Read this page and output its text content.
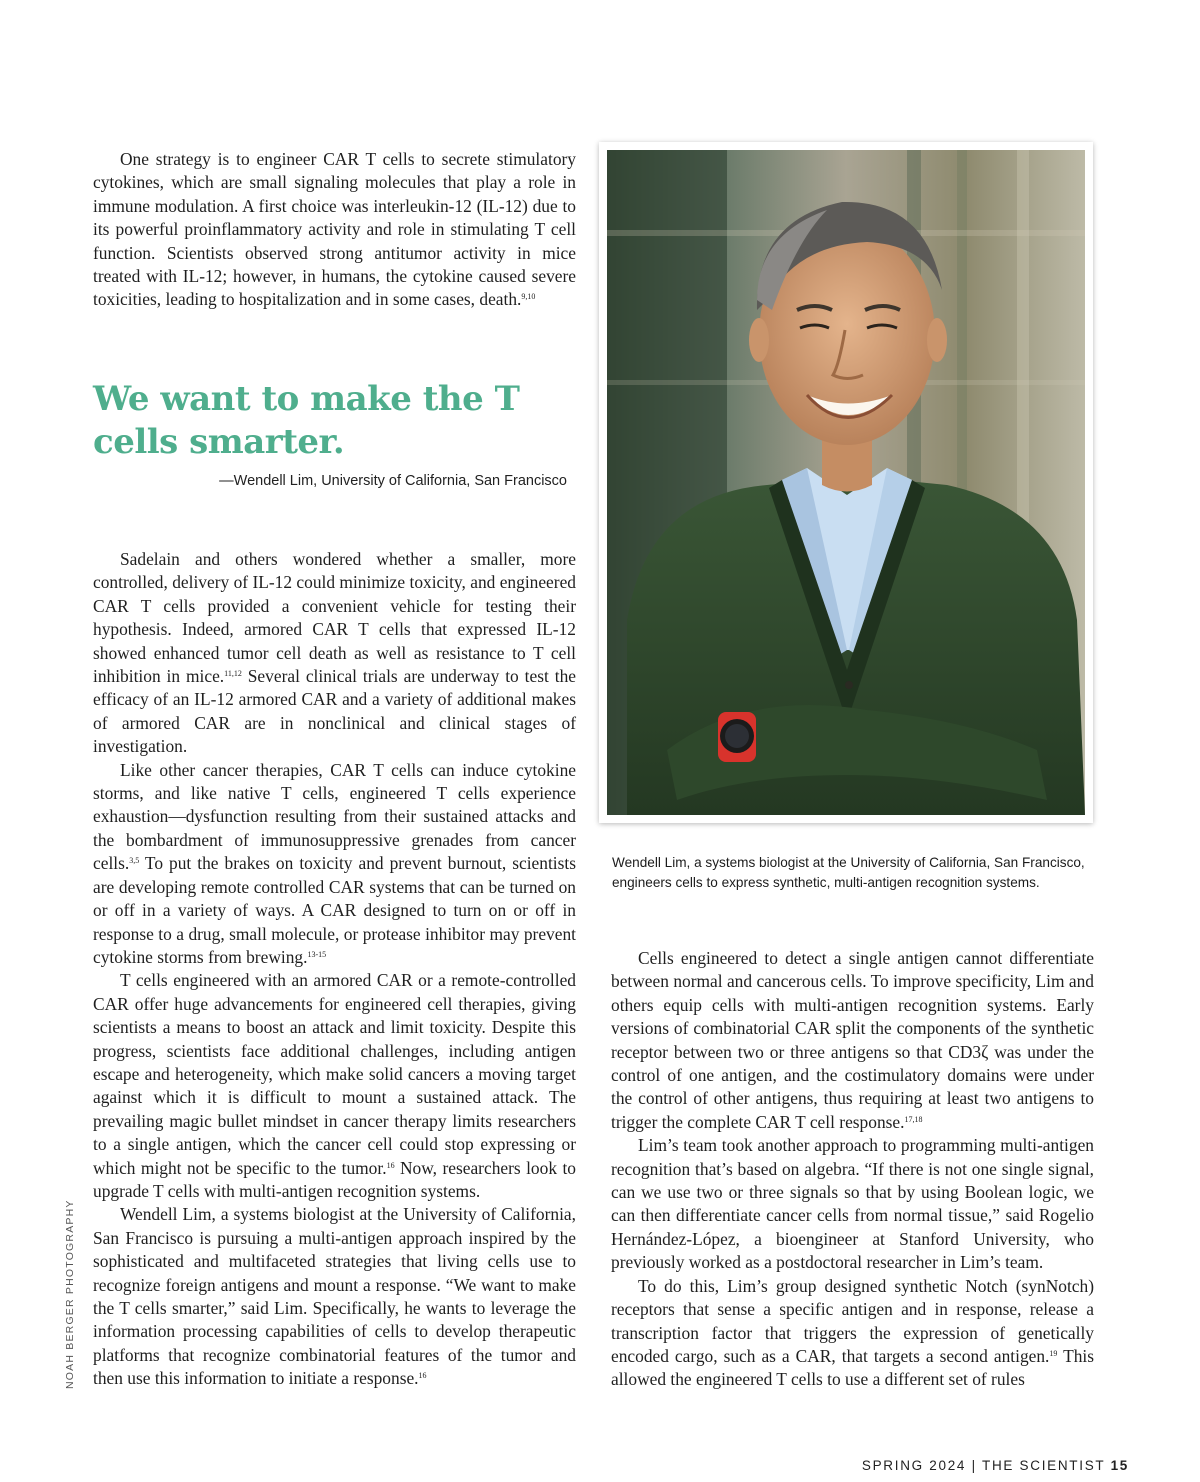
One strategy is to engineer CAR T cells to secrete stimulatory cytokines, which are small signaling molecules that play a role in immune modulation. A first choice was interleukin-12 (IL-12) due to its powerful proinflammatory activity and role in stimulating T cell function. Scientists observed strong antitumor activity in mice treated with IL-12; however, in humans, the cytokine caused severe toxicities, leading to hospitalization and in some cases, death.$^{9,10}$

We want to make the T cells smarter.

—Wendell Lim, University of California, San Francisco

Sadelain and others wondered whether a smaller, more controlled, delivery of IL-12 could minimize toxicity, and engineered CAR T cells provided a convenient vehicle for testing their hypothesis. Indeed, armored CAR T cells that expressed IL-12 showed enhanced tumor cell death as well as resistance to T cell inhibition in mice.$^{11,12}$ Several clinical trials are underway to test the efficacy of an IL-12 armored CAR and a variety of additional makes of armored CAR are in nonclinical and clinical stages of investigation.

Like other cancer therapies, CAR T cells can induce cytokine storms, and like native T cells, engineered T cells experience exhaustion—dysfunction resulting from their sustained attacks and the bombardment of immunosuppressive grenades from cancer cells.$^{3,5}$ To put the brakes on toxicity and prevent burnout, scientists are developing remote controlled CAR systems that can be turned on or off in a variety of ways. A CAR designed to turn on or off in response to a drug, small molecule, or protease inhibitor may prevent cytokine storms from brewing.$^{13-15}$

T cells engineered with an armored CAR or a remote-controlled CAR offer huge advancements for engineered cell therapies, giving scientists a means to boost an attack and limit toxicity. Despite this progress, scientists face additional challenges, including antigen escape and heterogeneity, which make solid cancers a moving target against which it is difficult to mount a sustained attack. The prevailing magic bullet mindset in cancer therapy limits researchers to a single antigen, which the cancer cell could stop expressing or which might not be specific to the tumor.$^{16}$ Now, researchers look to upgrade T cells with multi-antigen recognition systems.

Wendell Lim, a systems biologist at the University of California, San Francisco is pursuing a multi-antigen approach inspired by the sophisticated and multifaceted strategies that living cells use to recognize foreign antigens and mount a response. “We want to make the T cells smarter,” said Lim. Specifically, he wants to leverage the information processing capabilities of cells to develop therapeutic platforms that recognize combinatorial features of the tumor and then use this information to initiate a response.$^{16}$

Wendell Lim, a systems biologist at the University of California, San Francisco, engineers cells to express synthetic, multi-antigen recognition systems.
NOAH BERGER PHOTOGRAPHY

Cells engineered to detect a single antigen cannot differentiate between normal and cancerous cells. To improve specificity, Lim and others equip cells with multi-antigen recognition systems. Early versions of combinatorial CAR split the components of the synthetic receptor between two or three antigens so that CD3ζ was under the control of one antigen, and the costimulatory domains were under the control of other antigens, thus requiring at least two antigens to trigger the complete CAR T cell response.$^{17,18}$

Lim’s team took another approach to programming multi-antigen recognition that’s based on algebra. “If there is not one single signal, can we use two or three signals so that by using Boolean logic, we can then differentiate cancer cells from normal tissue,” said Rogelio Hernández-López, a bioengineer at Stanford University, who previously worked as a postdoctoral researcher in Lim’s team.

To do this, Lim’s group designed synthetic Notch (synNotch) receptors that sense a specific antigen and in response, release a transcription factor that triggers the expression of genetically encoded cargo, such as a CAR, that targets a second antigen.$^{19}$ This allowed the engineered T cells to use a different set of rules

SPRING 2024 | THE SCIENTIST 15
